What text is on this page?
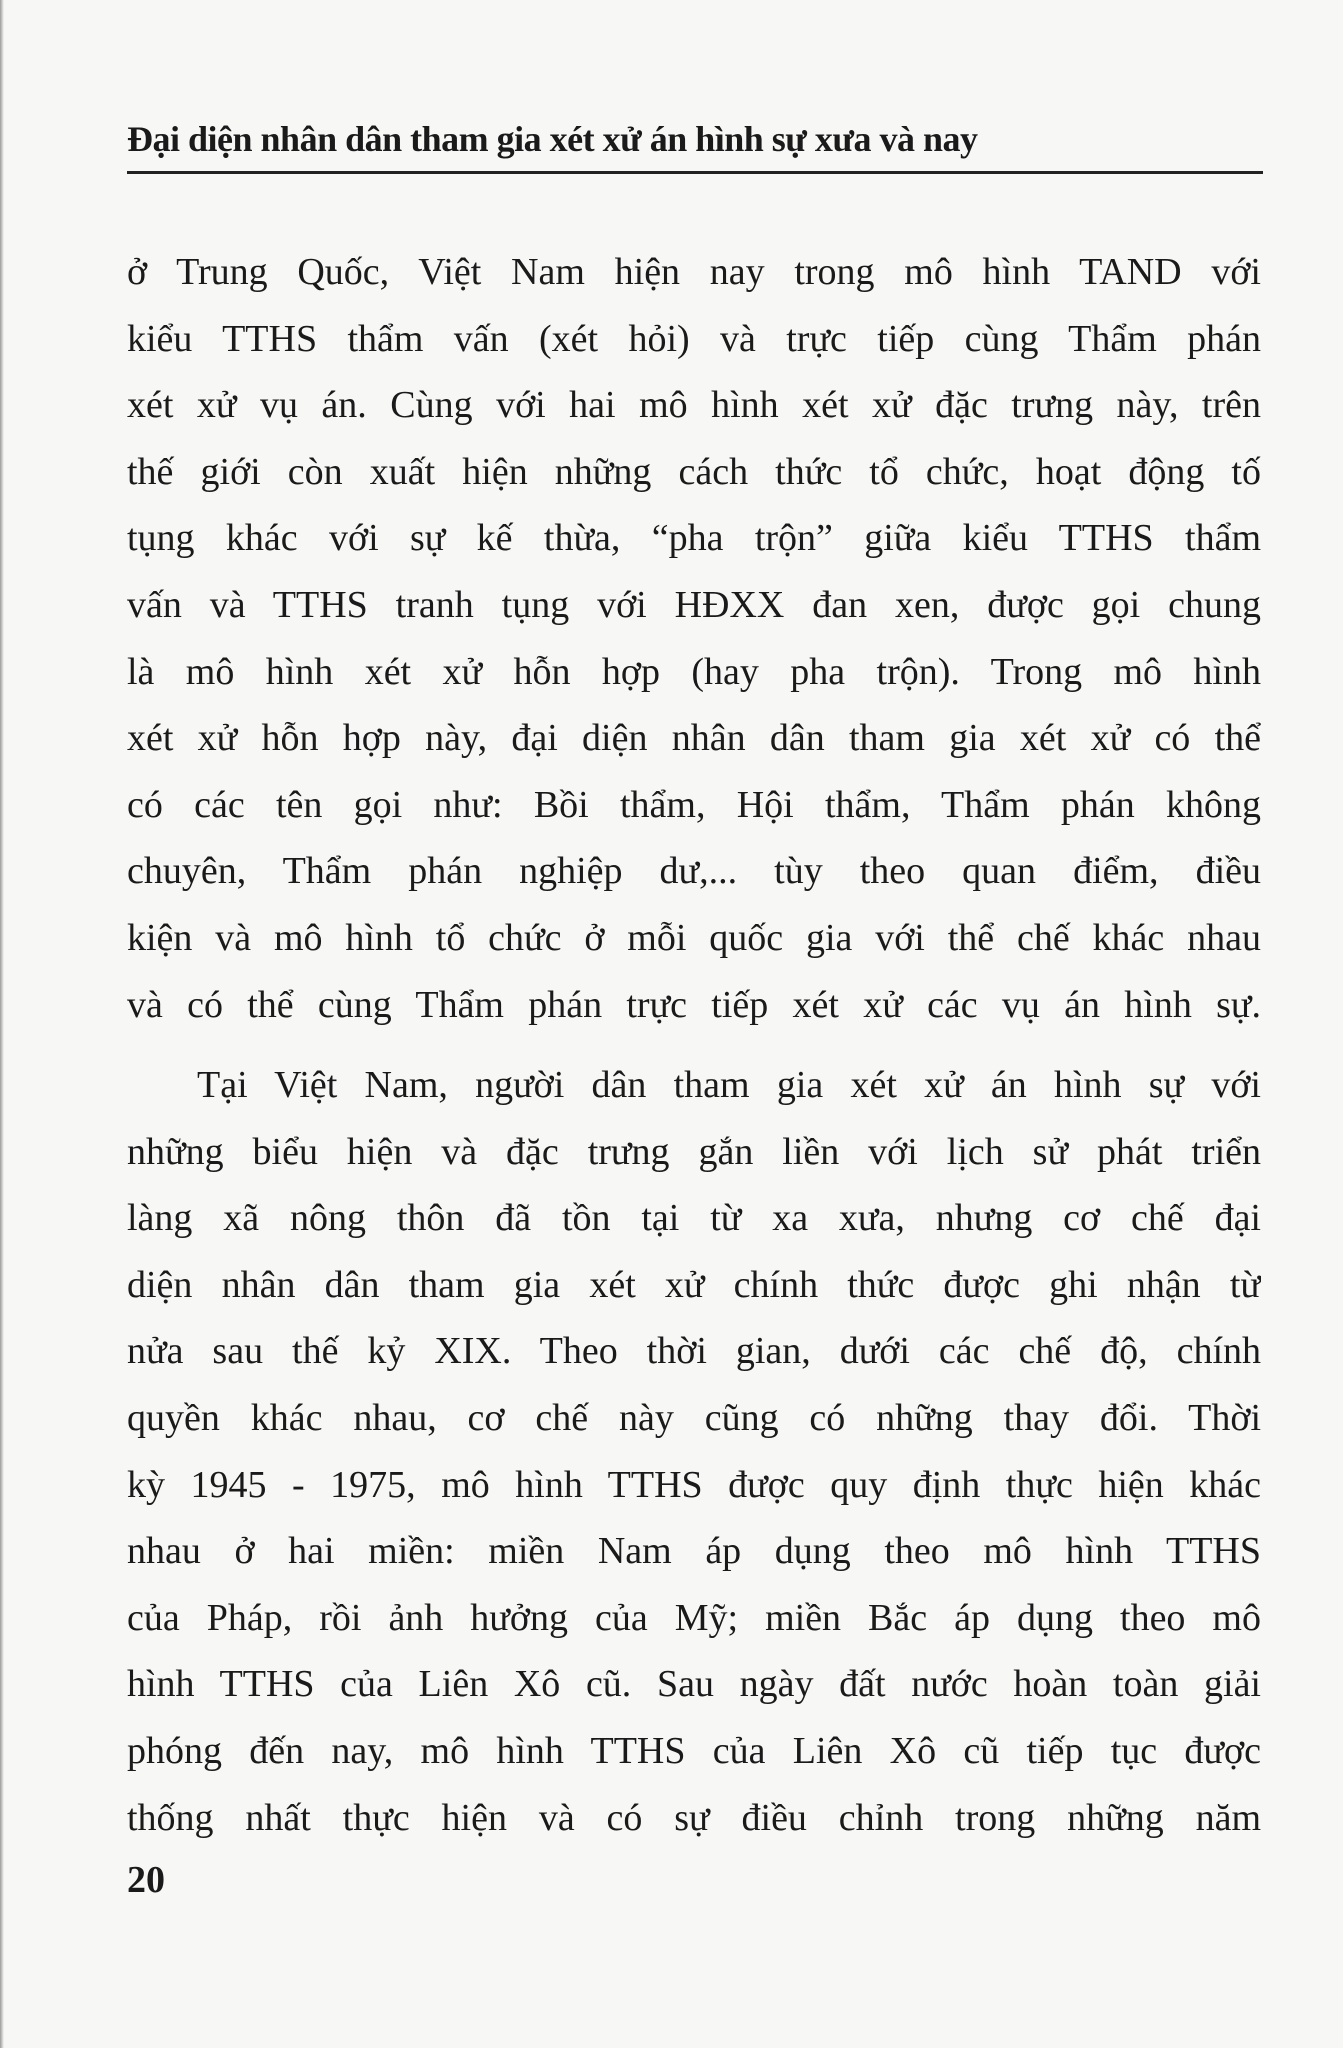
Đại diện nhân dân tham gia xét xử án hình sự xưa và nay
ở Trung Quốc, Việt Nam hiện nay trong mô hình TAND với
kiểu TTHS thẩm vấn (xét hỏi) và trực tiếp cùng Thẩm phán
xét xử vụ án. Cùng với hai mô hình xét xử đặc trưng này, trên
thế giới còn xuất hiện những cách thức tổ chức, hoạt động tố
tụng khác với sự kế thừa, “pha trộn” giữa kiểu TTHS thẩm
vấn và TTHS tranh tụng với HĐXX đan xen, được gọi chung
là mô hình xét xử hỗn hợp (hay pha trộn). Trong mô hình
xét xử hỗn hợp này, đại diện nhân dân tham gia xét xử có thể
có các tên gọi như: Bồi thẩm, Hội thẩm, Thẩm phán không
chuyên, Thẩm phán nghiệp dư,... tùy theo quan điểm, điều
kiện và mô hình tổ chức ở mỗi quốc gia với thể chế khác nhau
và có thể cùng Thẩm phán trực tiếp xét xử các vụ án hình sự.
Tại Việt Nam, người dân tham gia xét xử án hình sự với
những biểu hiện và đặc trưng gắn liền với lịch sử phát triển
làng xã nông thôn đã tồn tại từ xa xưa, nhưng cơ chế đại
diện nhân dân tham gia xét xử chính thức được ghi nhận từ
nửa sau thế kỷ XIX. Theo thời gian, dưới các chế độ, chính
quyền khác nhau, cơ chế này cũng có những thay đổi. Thời
kỳ 1945 - 1975, mô hình TTHS được quy định thực hiện khác
nhau ở hai miền: miền Nam áp dụng theo mô hình TTHS
của Pháp, rồi ảnh hưởng của Mỹ; miền Bắc áp dụng theo mô
hình TTHS của Liên Xô cũ. Sau ngày đất nước hoàn toàn giải
phóng đến nay, mô hình TTHS của Liên Xô cũ tiếp tục được
thống nhất thực hiện và có sự điều chỉnh trong những năm
20
